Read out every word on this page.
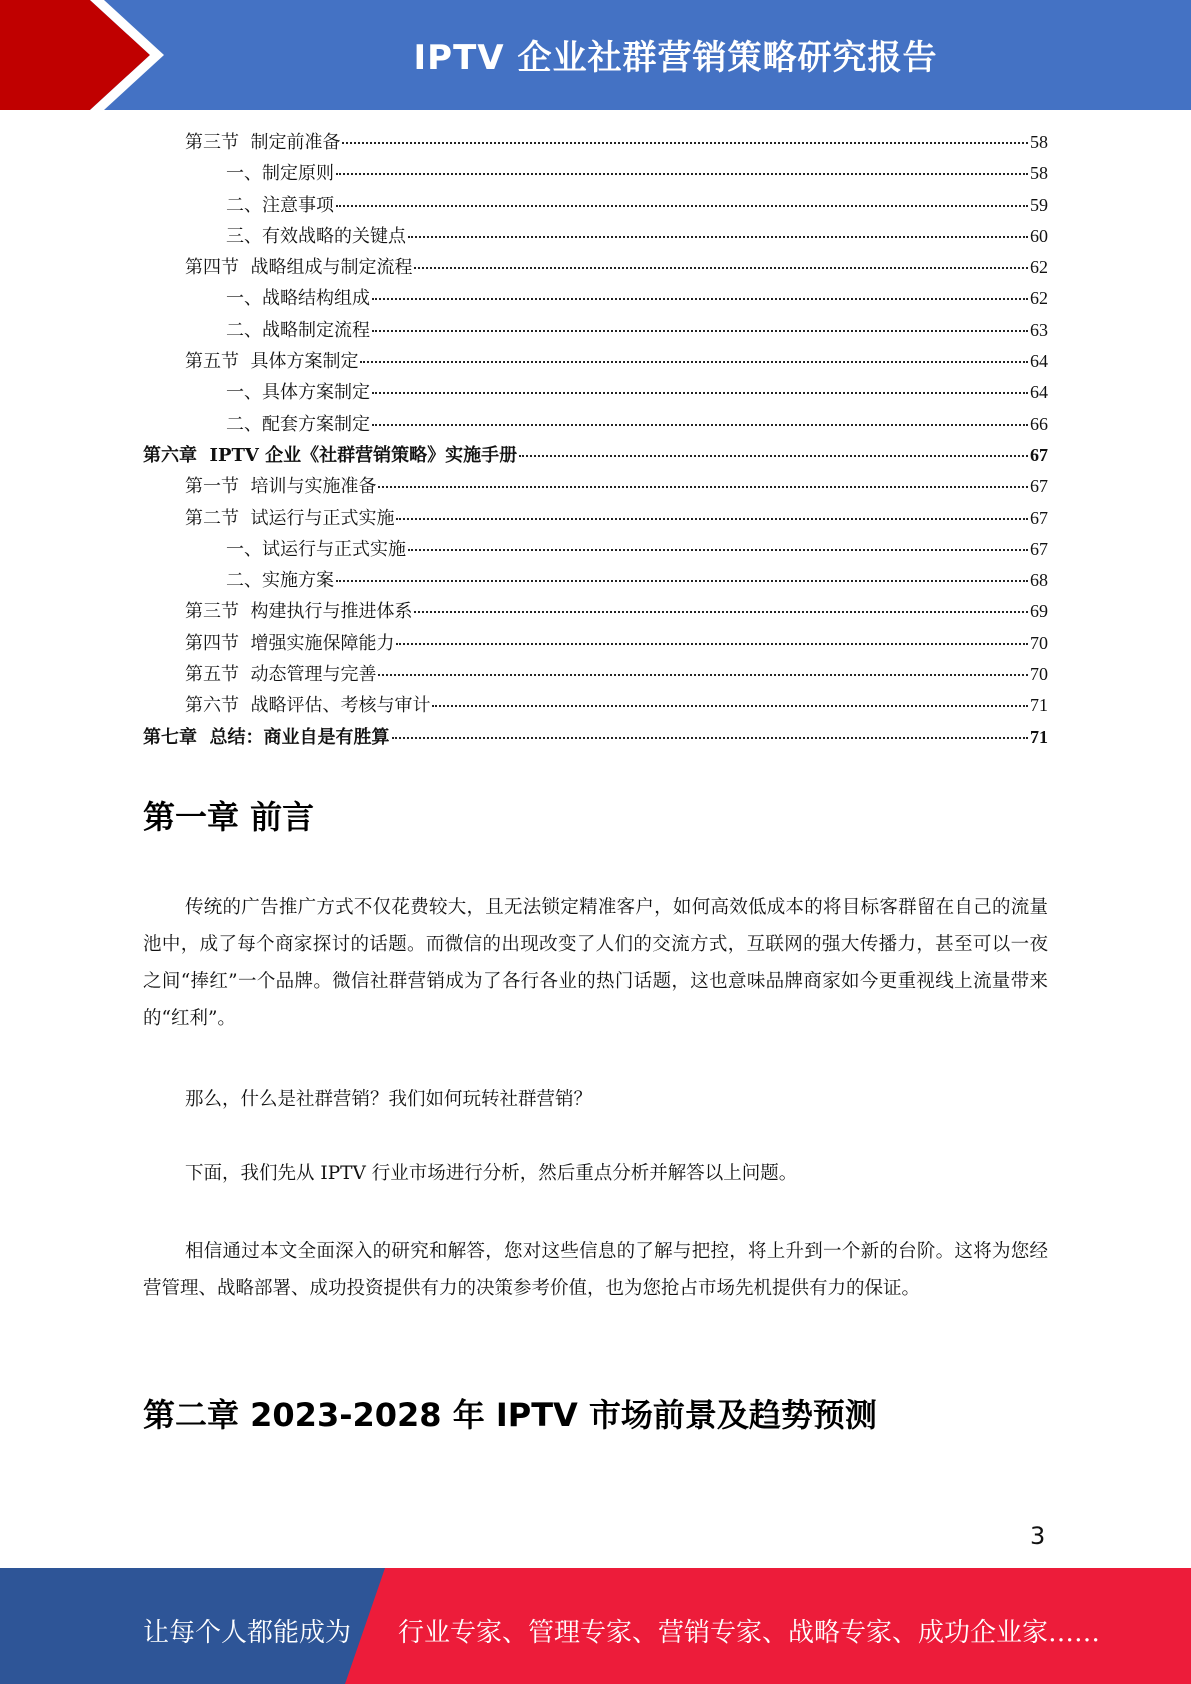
IPTV 企业社群营销策略研究报告
第三节  制定前准备	58
一、制定原则	58
二、注意事项	59
三、有效战略的关键点	60
第四节  战略组成与制定流程	62
一、战略结构组成	62
二、战略制定流程	63
第五节  具体方案制定	64
一、具体方案制定	64
二、配套方案制定	66
第六章  IPTV 企业《社群营销策略》实施手册	67
第一节  培训与实施准备	67
第二节  试运行与正式实施	67
一、试运行与正式实施	67
二、实施方案	68
第三节  构建执行与推进体系	69
第四节  增强实施保障能力	70
第五节  动态管理与完善	70
第六节  战略评估、考核与审计	71
第七章  总结：商业自是有胜算	71
第一章 前言
传统的广告推广方式不仅花费较大，且无法锁定精准客户，如何高效低成本的将目标客群留在自己的流量池中，成了每个商家探讨的话题。而微信的出现改变了人们的交流方式，互联网的强大传播力，甚至可以一夜之间“捧红”一个品牌。微信社群营销成为了各行各业的热门话题，这也意味品牌商家如今更重视线上流量带来的“红利”。
那么，什么是社群营销？我们如何玩转社群营销？
下面，我们先从 IPTV 行业市场进行分析，然后重点分析并解答以上问题。
相信通过本文全面深入的研究和解答，您对这些信息的了解与把控，将上升到一个新的台阶。这将为您经营管理、战略部署、成功投资提供有力的决策参考价值，也为您抢占市场先机提供有力的保证。
第二章 2023-2028 年 IPTV 市场前景及趋势预测
3
让每个人都能成为 行业专家、管理专家、营销专家、战略专家、成功企业家……
